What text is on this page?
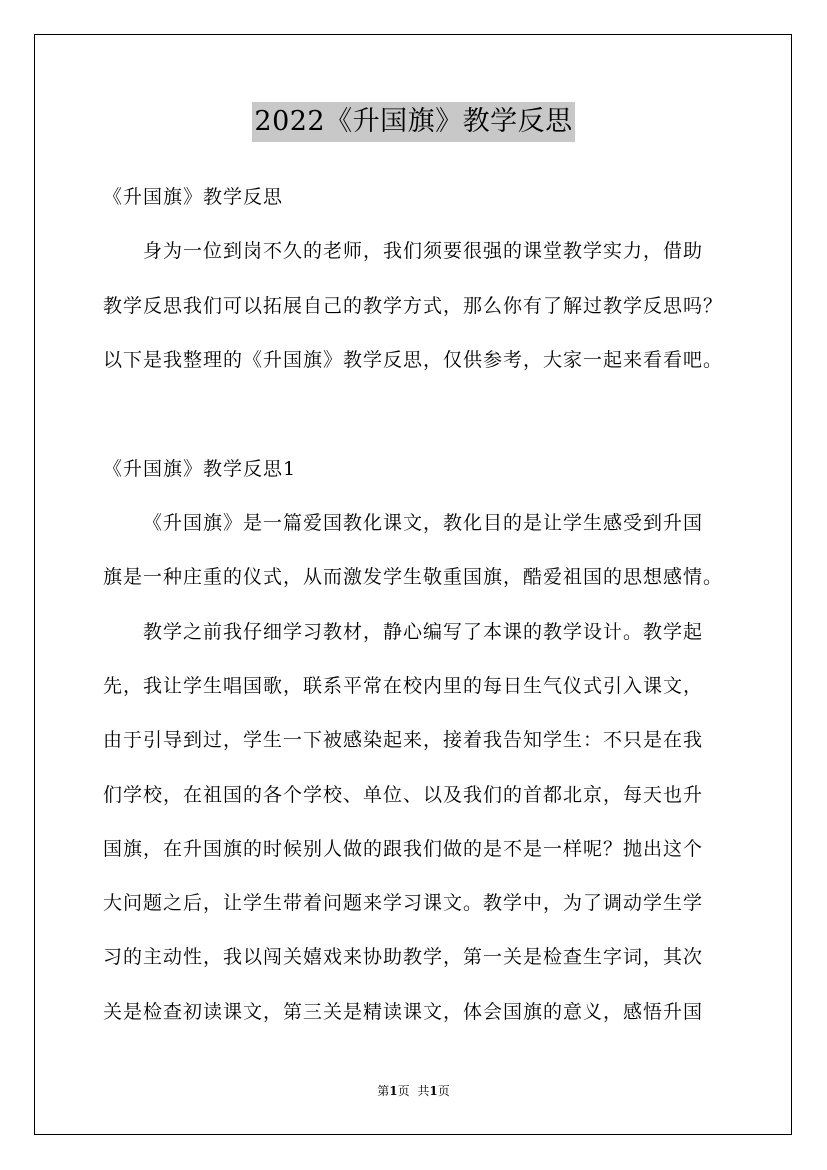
2022《升国旗》教学反思
《升国旗》教学反思
身为一位到岗不久的老师，我们须要很强的课堂教学实力，借助
教学反思我们可以拓展自己的教学方式，那么你有了解过教学反思吗？
以下是我整理的《升国旗》教学反思，仅供参考，大家一起来看看吧。
《升国旗》教学反思1
《升国旗》是一篇爱国教化课文，教化目的是让学生感受到升国
旗是一种庄重的仪式，从而激发学生敬重国旗，酷爱祖国的思想感情。
教学之前我仔细学习教材，静心编写了本课的教学设计。教学起
先，我让学生唱国歌，联系平常在校内里的每日生气仪式引入课文，
由于引导到过，学生一下被感染起来，接着我告知学生：不只是在我
们学校，在祖国的各个学校、单位、以及我们的首都北京，每天也升
国旗，在升国旗的时候别人做的跟我们做的是不是一样呢？抛出这个
大问题之后，让学生带着问题来学习课文。教学中，为了调动学生学
习的主动性，我以闯关嬉戏来协助教学，第一关是检查生字词，其次
关是检查初读课文，第三关是精读课文，体会国旗的意义，感悟升国
第1页 共1页
